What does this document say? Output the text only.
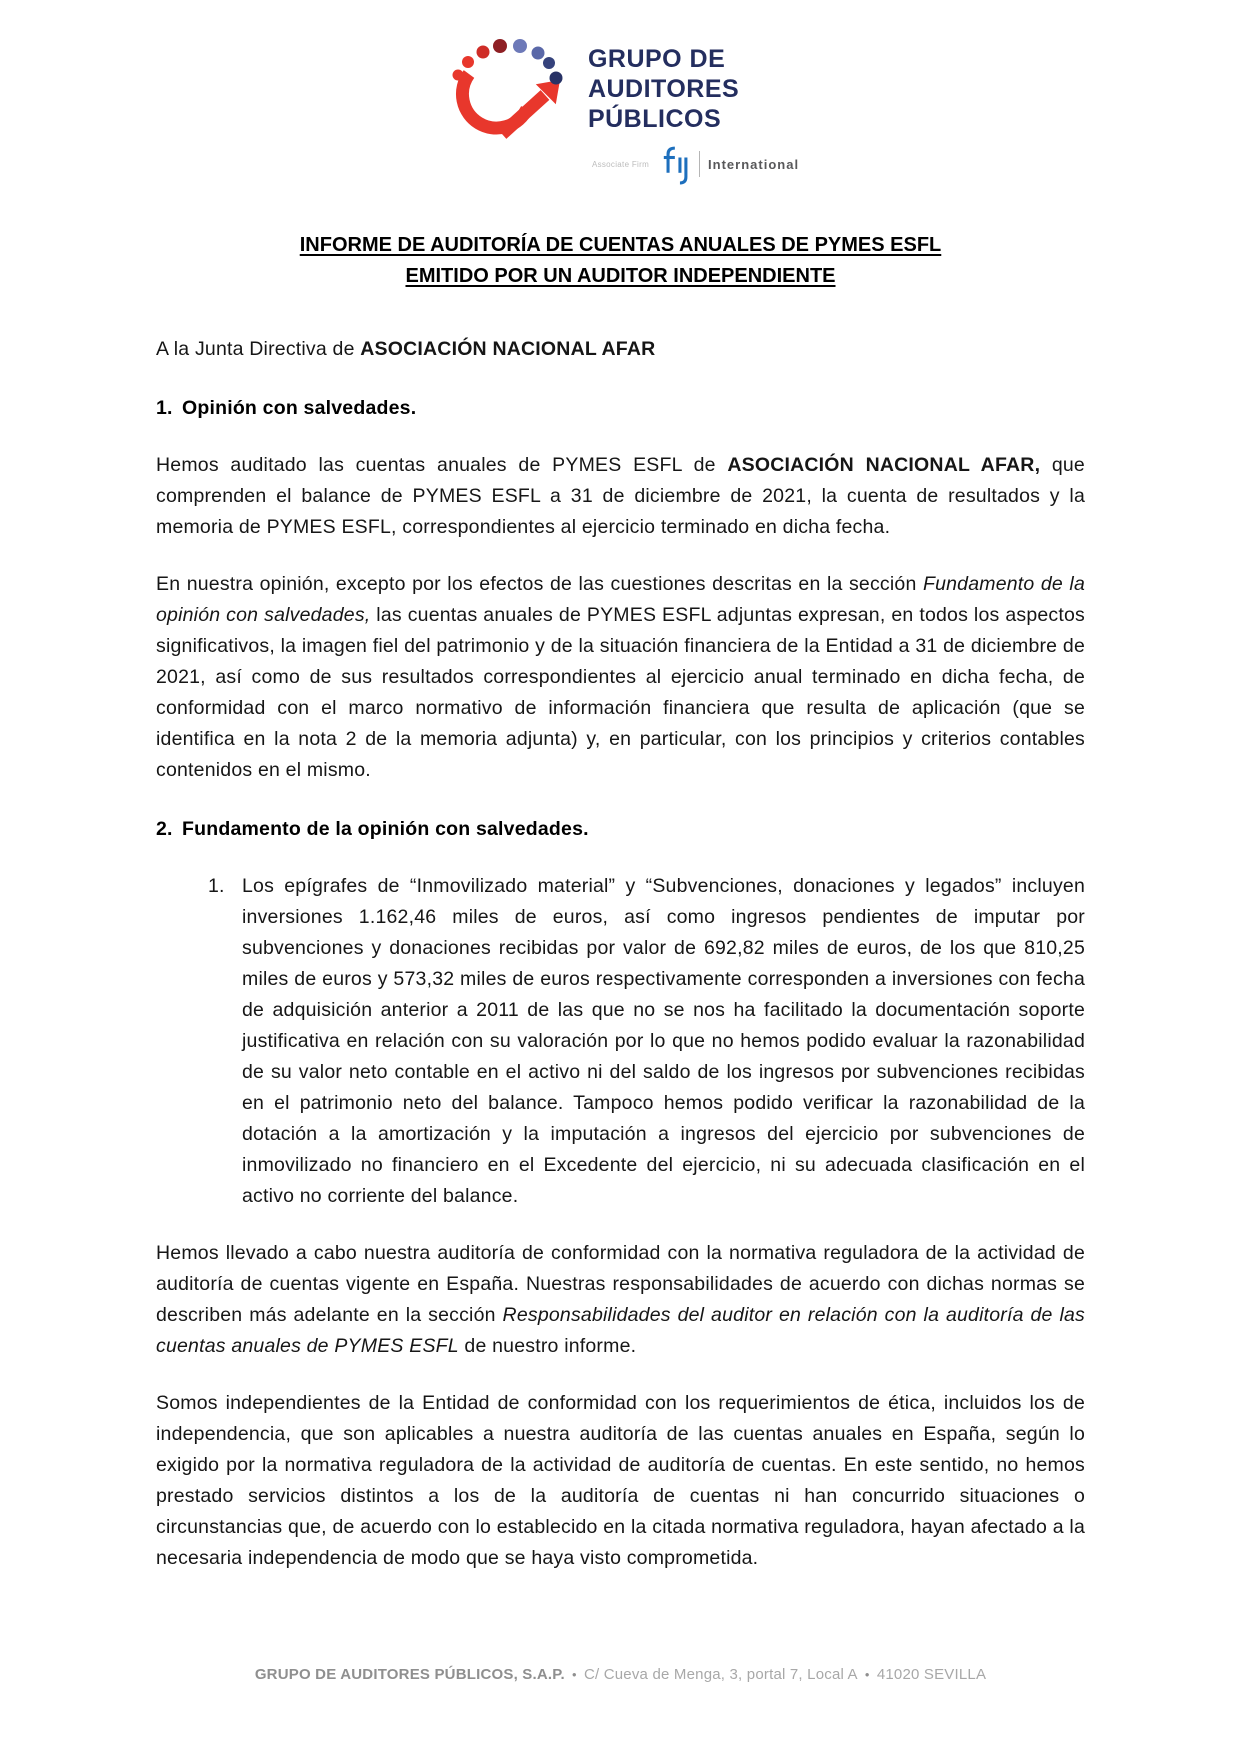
GRUPO DE
AUDITORES
PÚBLICOS
Associate Firm	International
INFORME DE AUDITORÍA DE CUENTAS ANUALES DE PYMES ESFL
EMITIDO POR UN AUDITOR INDEPENDIENTE

A la Junta Directiva de ASOCIACIÓN NACIONAL AFAR

1. Opinión con salvedades.

Hemos auditado las cuentas anuales de PYMES ESFL de ASOCIACIÓN NACIONAL AFAR, que comprenden el balance de PYMES ESFL a 31 de diciembre de 2021, la cuenta de resultados y la memoria de PYMES ESFL, correspondientes al ejercicio terminado en dicha fecha.

En nuestra opinión, excepto por los efectos de las cuestiones descritas en la sección Fundamento de la opinión con salvedades, las cuentas anuales de PYMES ESFL adjuntas expresan, en todos los aspectos significativos, la imagen fiel del patrimonio y de la situación financiera de la Entidad a 31 de diciembre de 2021, así como de sus resultados correspondientes al ejercicio anual terminado en dicha fecha, de conformidad con el marco normativo de información financiera que resulta de aplicación (que se identifica en la nota 2 de la memoria adjunta) y, en particular, con los principios y criterios contables contenidos en el mismo.

2. Fundamento de la opinión con salvedades.

1. Los epígrafes de “Inmovilizado material” y “Subvenciones, donaciones y legados” incluyen inversiones 1.162,46 miles de euros, así como ingresos pendientes de imputar por subvenciones y donaciones recibidas por valor de 692,82 miles de euros, de los que 810,25 miles de euros y 573,32 miles de euros respectivamente corresponden a inversiones con fecha de adquisición anterior a 2011 de las que no se nos ha facilitado la documentación soporte justificativa en relación con su valoración por lo que no hemos podido evaluar la razonabilidad de su valor neto contable en el activo ni del saldo de los ingresos por subvenciones recibidas en el patrimonio neto del balance. Tampoco hemos podido verificar la razonabilidad de la dotación a la amortización y la imputación a ingresos del ejercicio por subvenciones de inmovilizado no financiero en el Excedente del ejercicio, ni su adecuada clasificación en el activo no corriente del balance.

Hemos llevado a cabo nuestra auditoría de conformidad con la normativa reguladora de la actividad de auditoría de cuentas vigente en España. Nuestras responsabilidades de acuerdo con dichas normas se describen más adelante en la sección Responsabilidades del auditor en relación con la auditoría de las cuentas anuales de PYMES ESFL de nuestro informe.

Somos independientes de la Entidad de conformidad con los requerimientos de ética, incluidos los de independencia, que son aplicables a nuestra auditoría de las cuentas anuales en España, según lo exigido por la normativa reguladora de la actividad de auditoría de cuentas. En este sentido, no hemos prestado servicios distintos a los de la auditoría de cuentas ni han concurrido situaciones o circunstancias que, de acuerdo con lo establecido en la citada normativa reguladora, hayan afectado a la necesaria independencia de modo que se haya visto comprometida.

GRUPO DE AUDITORES PÚBLICOS, S.A.P. ● C/ Cueva de Menga, 3, portal 7, Local A ● 41020 SEVILLA
